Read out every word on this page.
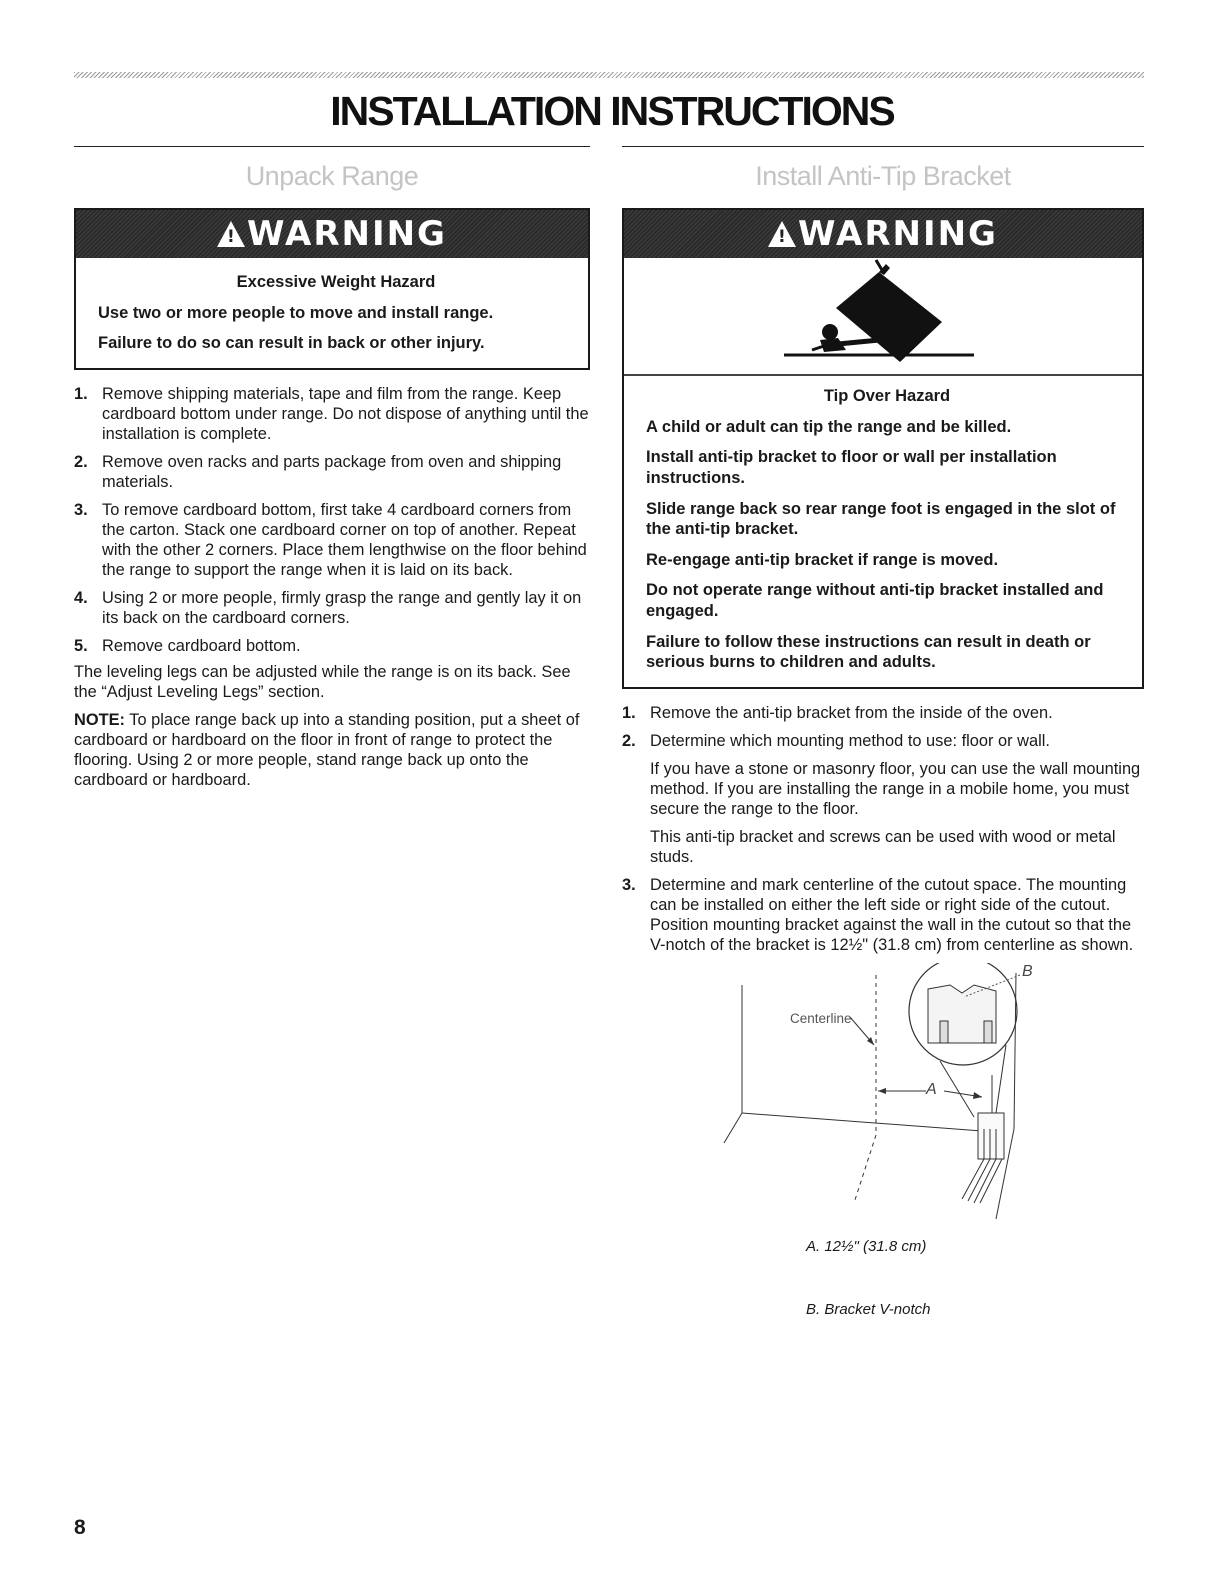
INSTALLATION INSTRUCTIONS
Unpack Range
!
WARNING

Excessive Weight Hazard

Use two or more people to move and install range.

Failure to do so can result in back or other injury.

1. Remove shipping materials, tape and film from the range. Keep cardboard bottom under range. Do not dispose of anything until the installation is complete.
2. Remove oven racks and parts package from oven and shipping materials.
3. To remove cardboard bottom, first take 4 cardboard corners from the carton. Stack one cardboard corner on top of another. Repeat with the other 2 corners. Place them lengthwise on the floor behind the range to support the range when it is laid on its back.
4. Using 2 or more people, firmly grasp the range and gently lay it on its back on the cardboard corners.
5. Remove cardboard bottom.

The leveling legs can be adjusted while the range is on its back. See the “Adjust Leveling Legs” section.

NOTE: To place range back up into a standing position, put a sheet of cardboard or hardboard on the floor in front of range to protect the flooring. Using 2 or more people, stand range back up onto the cardboard or hardboard.

Install Anti-Tip Bracket
!
WARNING

Tip Over Hazard

A child or adult can tip the range and be killed.

Install anti-tip bracket to floor or wall per installation instructions.

Slide range back so rear range foot is engaged in the slot of the anti-tip bracket.

Re-engage anti-tip bracket if range is moved.

Do not operate range without anti-tip bracket installed and engaged.

Failure to follow these instructions can result in death or serious burns to children and adults.

1. Remove the anti-tip bracket from the inside of the oven.
2. Determine which mounting method to use: floor or wall.

If you have a stone or masonry floor, you can use the wall mounting method. If you are installing the range in a mobile home, you must secure the range to the floor.

This anti-tip bracket and screws can be used with wood or metal studs.

3. Determine and mark centerline of the cutout space. The mounting can be installed on either the left side or right side of the cutout. Position mounting bracket against the wall in the cutout so that the V-notch of the bracket is 12½" (31.8 cm) from centerline as shown.
Centerline
A
B
A. 12½" (31.8 cm)
B. Bracket V-notch
8
